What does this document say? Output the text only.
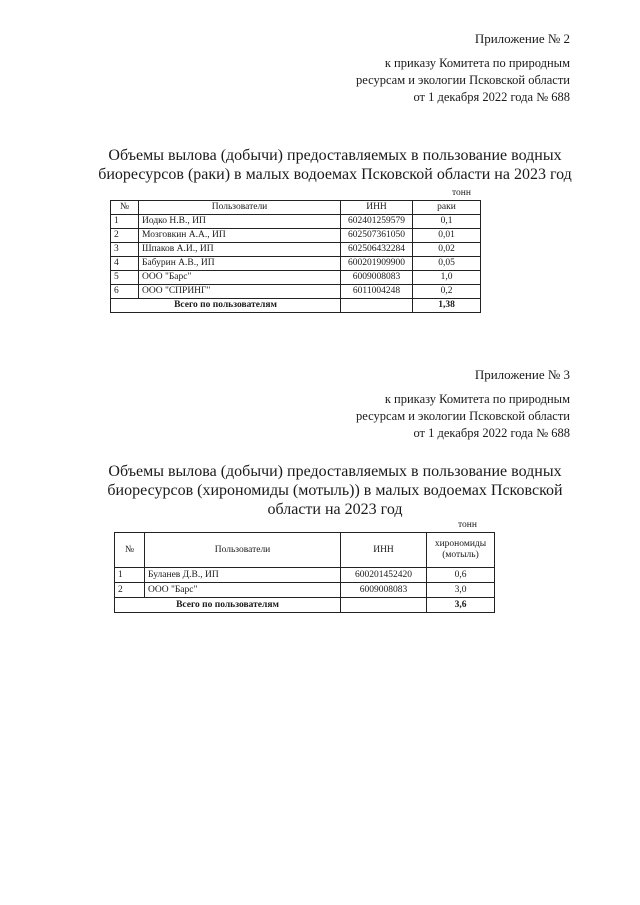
Приложение № 2
к приказу Комитета по природным
ресурсам и экологии Псковской области
от 1 декабря 2022 года № 688
Объемы вылова (добычи) предоставляемых в пользование водных
биоресурсов (раки) в малых водоемах Псковской области на 2023 год
тонн
№	Пользователи	ИНН	раки
1	Иодко Н.В., ИП	602401259579	0,1
2	Мозговкин А.А., ИП	602507361050	0,01
3	Шпаков А.И., ИП	602506432284	0,02
4	Бабурин А.В., ИП	600201909900	0,05
5	ООО "Барс"	6009008083	1,0
6	ООО "СПРИНГ"	6011004248	0,2
Всего по пользователям			1,38
Приложение № 3
к приказу Комитета по природным
ресурсам и экологии Псковской области
от 1 декабря 2022 года № 688
Объемы вылова (добычи) предоставляемых в пользование водных
биоресурсов (хирономиды (мотыль)) в малых водоемах Псковской
области на 2023 год
тонн
№	Пользователи	ИНН	хирономиды
(мотыль)

1	Буланев Д.В., ИП	600201452420	0,6
2	ООО "Барс"	6009008083	3,0
Всего по пользователям			3,6
